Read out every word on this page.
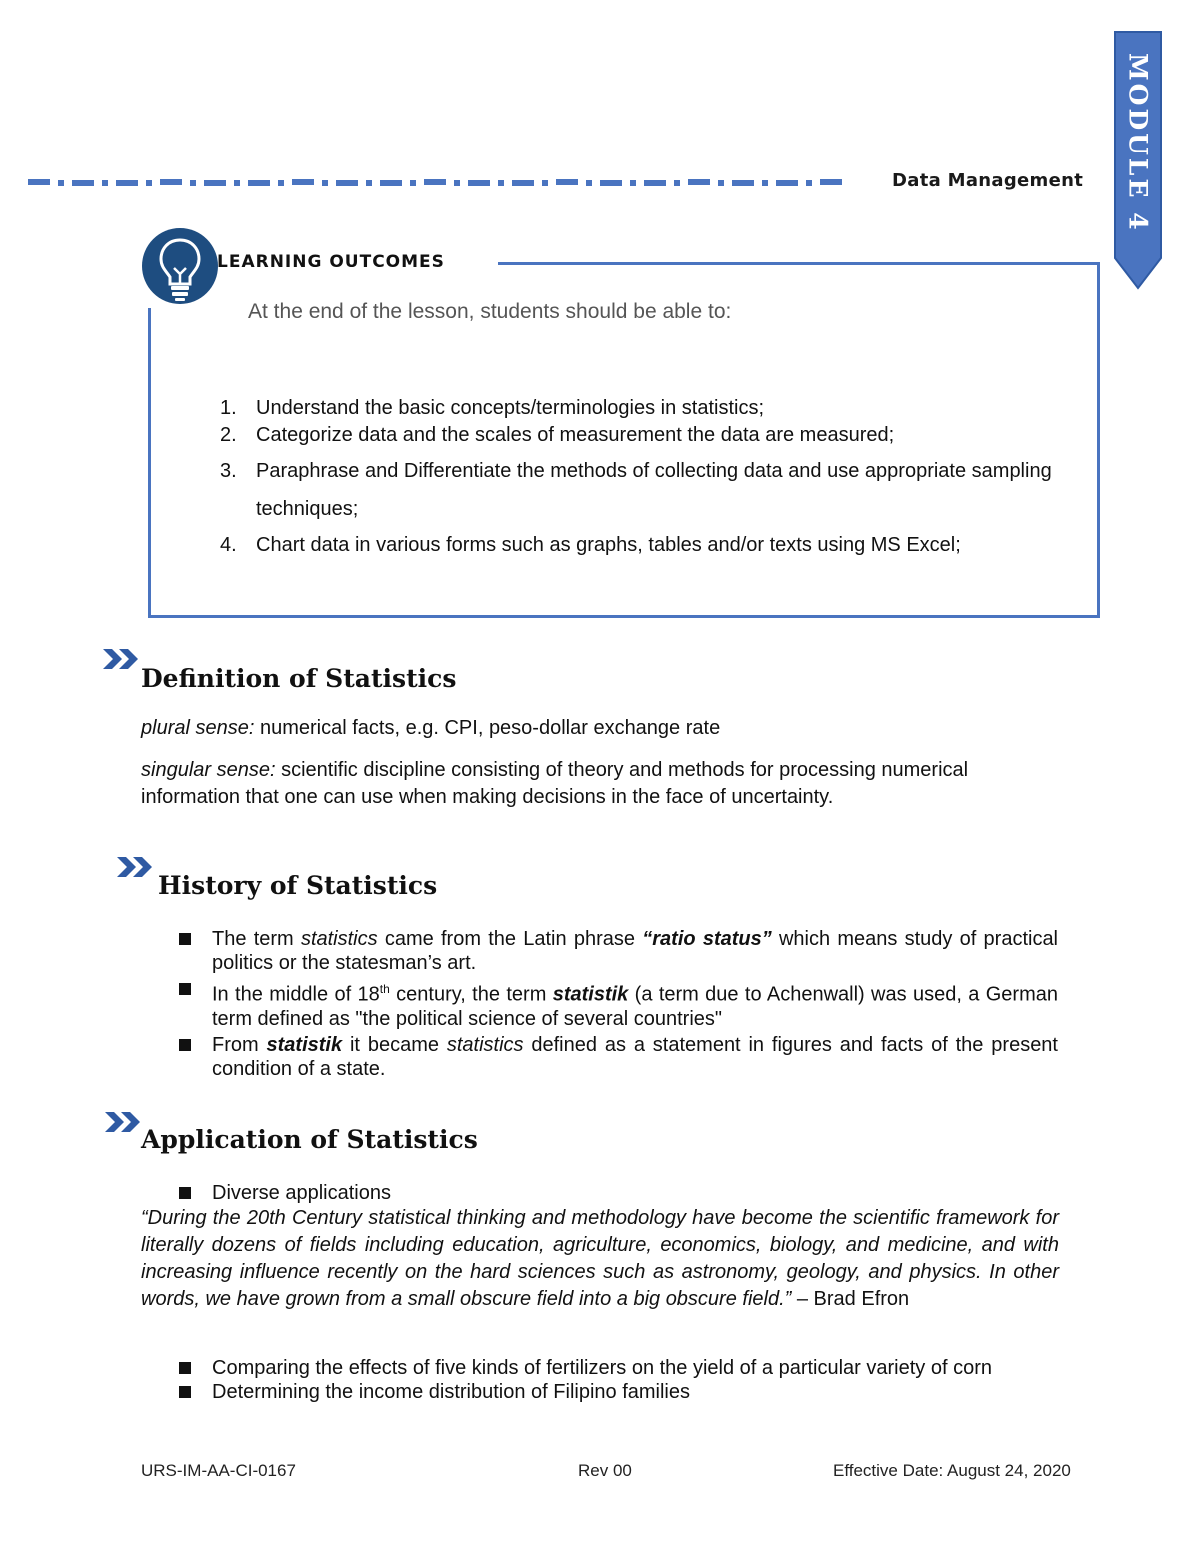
Data Management	MODULE 4
LEARNING OUTCOMES
At the end of the lesson, students should be able to:
1. Understand the basic concepts/terminologies in statistics;
2. Categorize data and the scales of measurement the data are measured;
3. Paraphrase and Differentiate the methods of collecting data and use appropriate sampling techniques;
4. Chart data in various forms such as graphs, tables and/or texts using MS Excel;
Definition of Statistics
plural sense: numerical facts, e.g. CPI, peso-dollar exchange rate
singular sense: scientific discipline consisting of theory and methods for processing numerical information that one can use when making decisions in the face of uncertainty.
History of Statistics
The term statistics came from the Latin phrase “ratio status” which means study of practical politics or the statesman’s art.
In the middle of 18th century, the term statistik (a term due to Achenwall) was used, a German term defined as "the political science of several countries"
From statistik it became statistics defined as a statement in figures and facts of the present condition of a state.
Application of Statistics
Diverse applications
“During the 20th Century statistical thinking and methodology have become the scientific framework for literally dozens of fields including education, agriculture, economics, biology, and medicine, and with increasing influence recently on the hard sciences such as astronomy, geology, and physics. In other words, we have grown from a small obscure field into a big obscure field.” – Brad Efron
Comparing the effects of five kinds of fertilizers on the yield of a particular variety of corn
Determining the income distribution of Filipino families
URS-IM-AA-CI-0167	Rev 00	Effective Date: August 24, 2020
